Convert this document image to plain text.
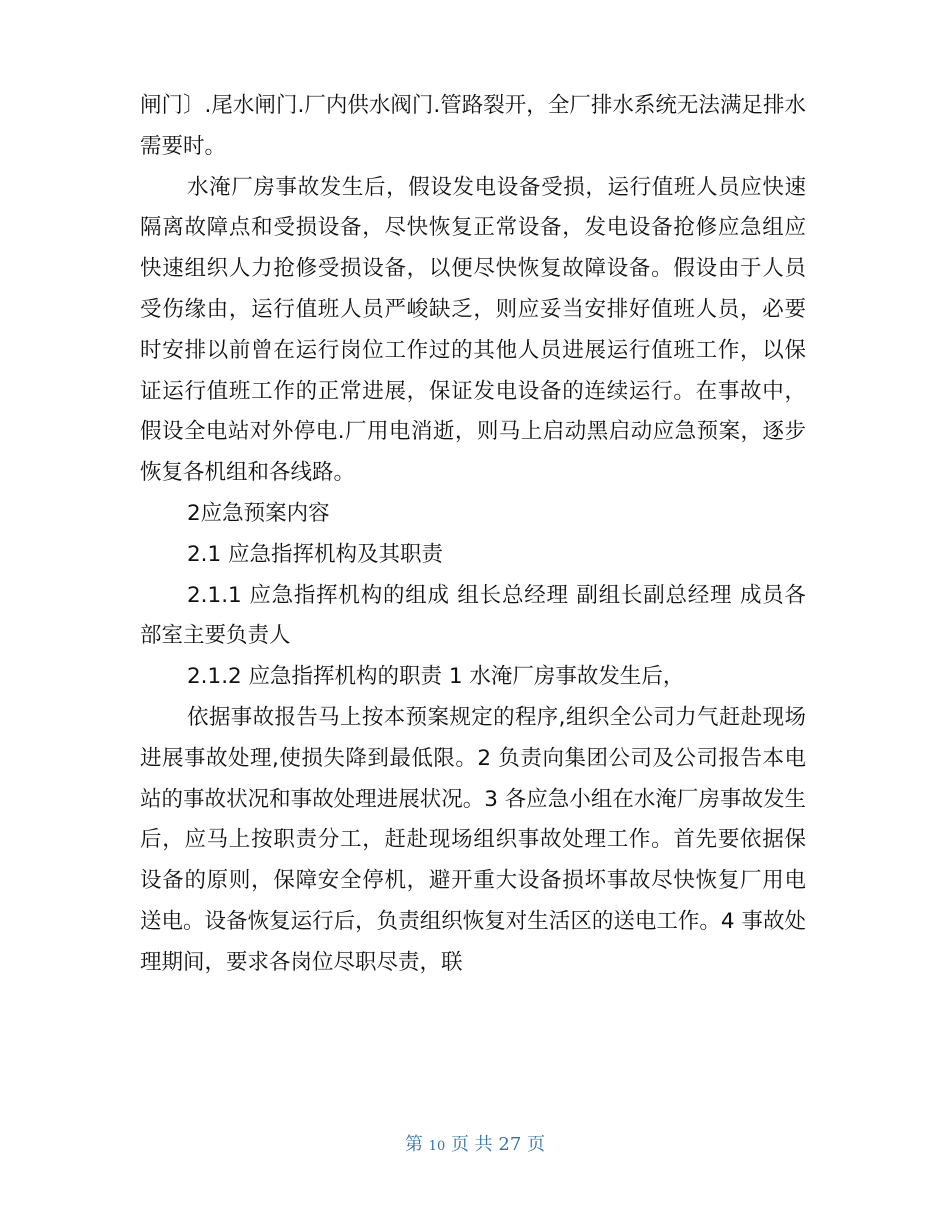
闸门〕.尾水闸门.厂内供水阀门.管路裂开，全厂排水系统无法满足排水需要时。

水淹厂房事故发生后，假设发电设备受损，运行值班人员应快速隔离故障点和受损设备，尽快恢复正常设备，发电设备抢修应急组应快速组织人力抢修受损设备，以便尽快恢复故障设备。假设由于人员受伤缘由，运行值班人员严峻缺乏，则应妥当安排好值班人员，必要时安排以前曾在运行岗位工作过的其他人员进展运行值班工作，以保证运行值班工作的正常进展，保证发电设备的连续运行。在事故中，假设全电站对外停电.厂用电消逝，则马上启动黑启动应急预案，逐步恢复各机组和各线路。

2应急预案内容

2.1 应急指挥机构及其职责

2.1.1 应急指挥机构的组成 组长总经理 副组长副总经理 成员各部室主要负责人

2.1.2 应急指挥机构的职责 1 水淹厂房事故发生后，

依据事故报告马上按本预案规定的程序,组织全公司力气赶赴现场进展事故处理,使损失降到最低限。2 负责向集团公司及公司报告本电站的事故状况和事故处理进展状况。3 各应急小组在水淹厂房事故发生后，应马上按职责分工，赶赴现场组织事故处理工作。首先要依据保设备的原则，保障安全停机，避开重大设备损坏事故尽快恢复厂用电送电。设备恢复运行后，负责组织恢复对生活区的送电工作。4 事故处理期间，要求各岗位尽职尽责，联

第 10 页 共 27 页
